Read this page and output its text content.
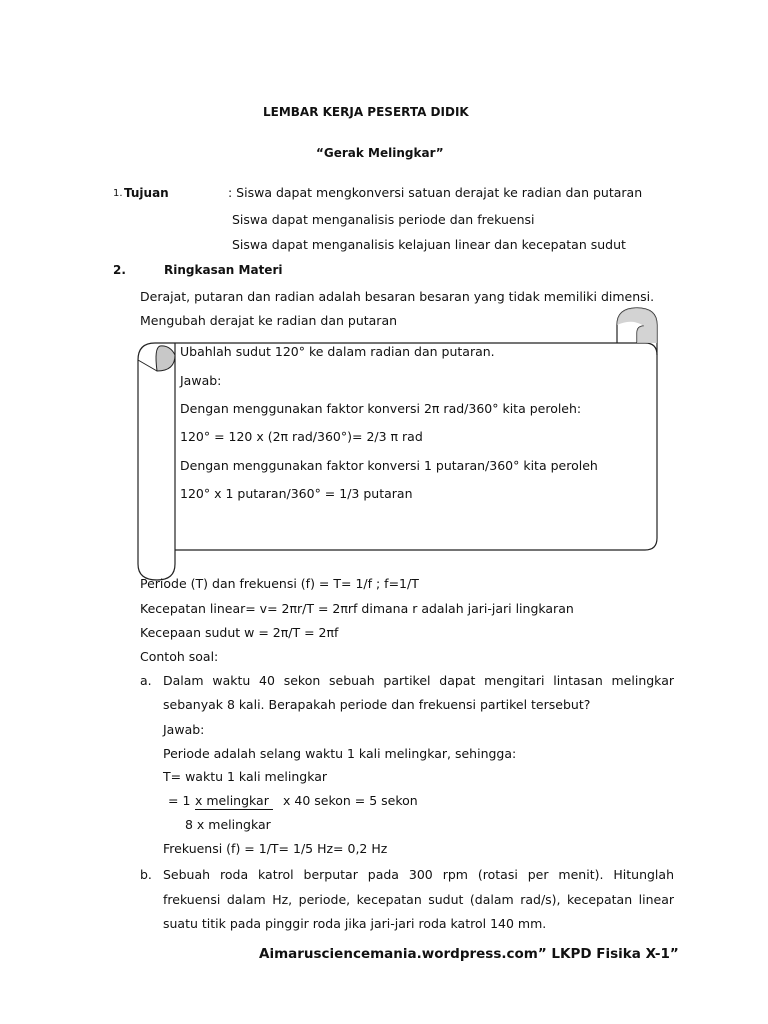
LEMBAR KERJA PESERTA DIDIK
“Gerak Melingkar”
1. Tujuan	: Siswa dapat mengkonversi satuan derajat ke radian dan putaran
Siswa dapat menganalisis periode dan frekuensi
Siswa dapat menganalisis kelajuan linear dan kecepatan sudut
2.	Ringkasan Materi
Derajat, putaran dan radian adalah besaran besaran yang tidak memiliki dimensi.
Mengubah derajat ke radian dan putaran
Ubahlah sudut 120° ke dalam radian dan putaran.
Jawab:
Dengan menggunakan faktor konversi 2π rad/360° kita peroleh:
120° = 120 x (2π rad/360°)= 2/3 π rad
Dengan menggunakan faktor konversi 1 putaran/360° kita peroleh
120° x 1 putaran/360° = 1/3 putaran
Periode (T) dan frekuensi (f) = T= 1/f ; f=1/T
Kecepatan linear= v= 2πr/T = 2πrf dimana r adalah jari-jari lingkaran
Kecepaan sudut w = 2π/T = 2πf
Contoh soal:
a. Dalam waktu 40 sekon sebuah partikel dapat mengitari lintasan melingkar
sebanyak 8 kali. Berapakah periode dan frekuensi partikel tersebut?
Jawab:
Periode adalah selang waktu 1 kali melingkar, sehingga:
T= waktu 1 kali melingkar
= 1 x melingkar	x 40 sekon = 5 sekon
8 x melingkar
Frekuensi (f) = 1/T= 1/5 Hz= 0,2 Hz
b. Sebuah roda katrol berputar pada 300 rpm (rotasi per menit). Hitunglah
frekuensi dalam Hz, periode, kecepatan sudut (dalam rad/s), kecepatan linear
suatu titik pada pinggir roda jika jari-jari roda katrol 140 mm.
Aimarusciencemania.wordpress.com” LKPD Fisika X-1”
